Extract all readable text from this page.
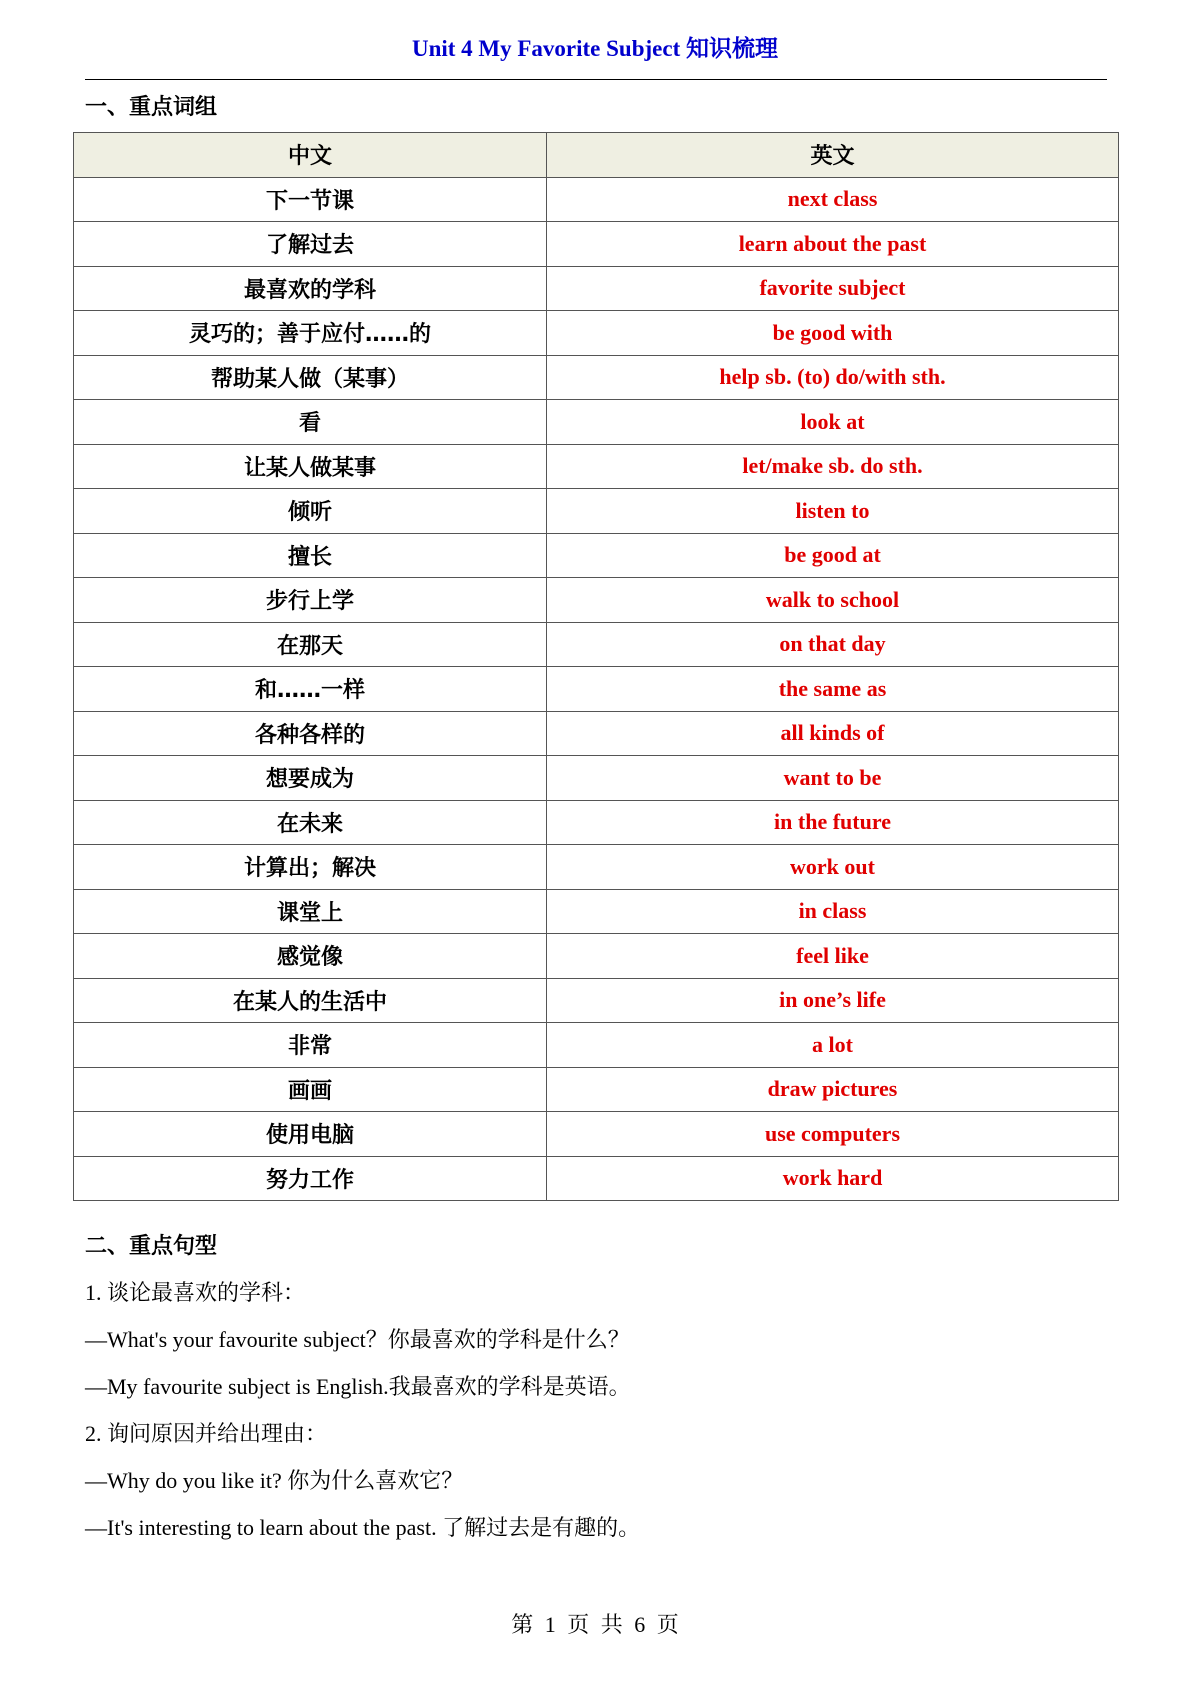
Unit 4 My Favorite Subject 知识梳理
一、重点词组
中文	英文
下一节课	next class
了解过去	learn about the past
最喜欢的学科	favorite subject
灵巧的；善于应付……的	be good with
帮助某人做（某事）	help sb. (to) do/with sth.
看	look at
让某人做某事	let/make sb. do sth.
倾听	listen to
擅长	be good at
步行上学	walk to school
在那天	on that day
和……一样	the same as
各种各样的	all kinds of
想要成为	want to be
在未来	in the future
计算出；解决	work out
课堂上	in class
感觉像	feel like
在某人的生活中	in one’s life
非常	a lot
画画	draw pictures
使用电脑	use computers
努力工作	work hard
二、重点句型
1. 谈论最喜欢的学科：
—What's your favourite subject？你最喜欢的学科是什么？
—My favourite subject is English.我最喜欢的学科是英语。
2. 询问原因并给出理由：
—Why do you like it? 你为什么喜欢它？
—It's interesting to learn about the past. 了解过去是有趣的。
第 1 页 共 6 页
